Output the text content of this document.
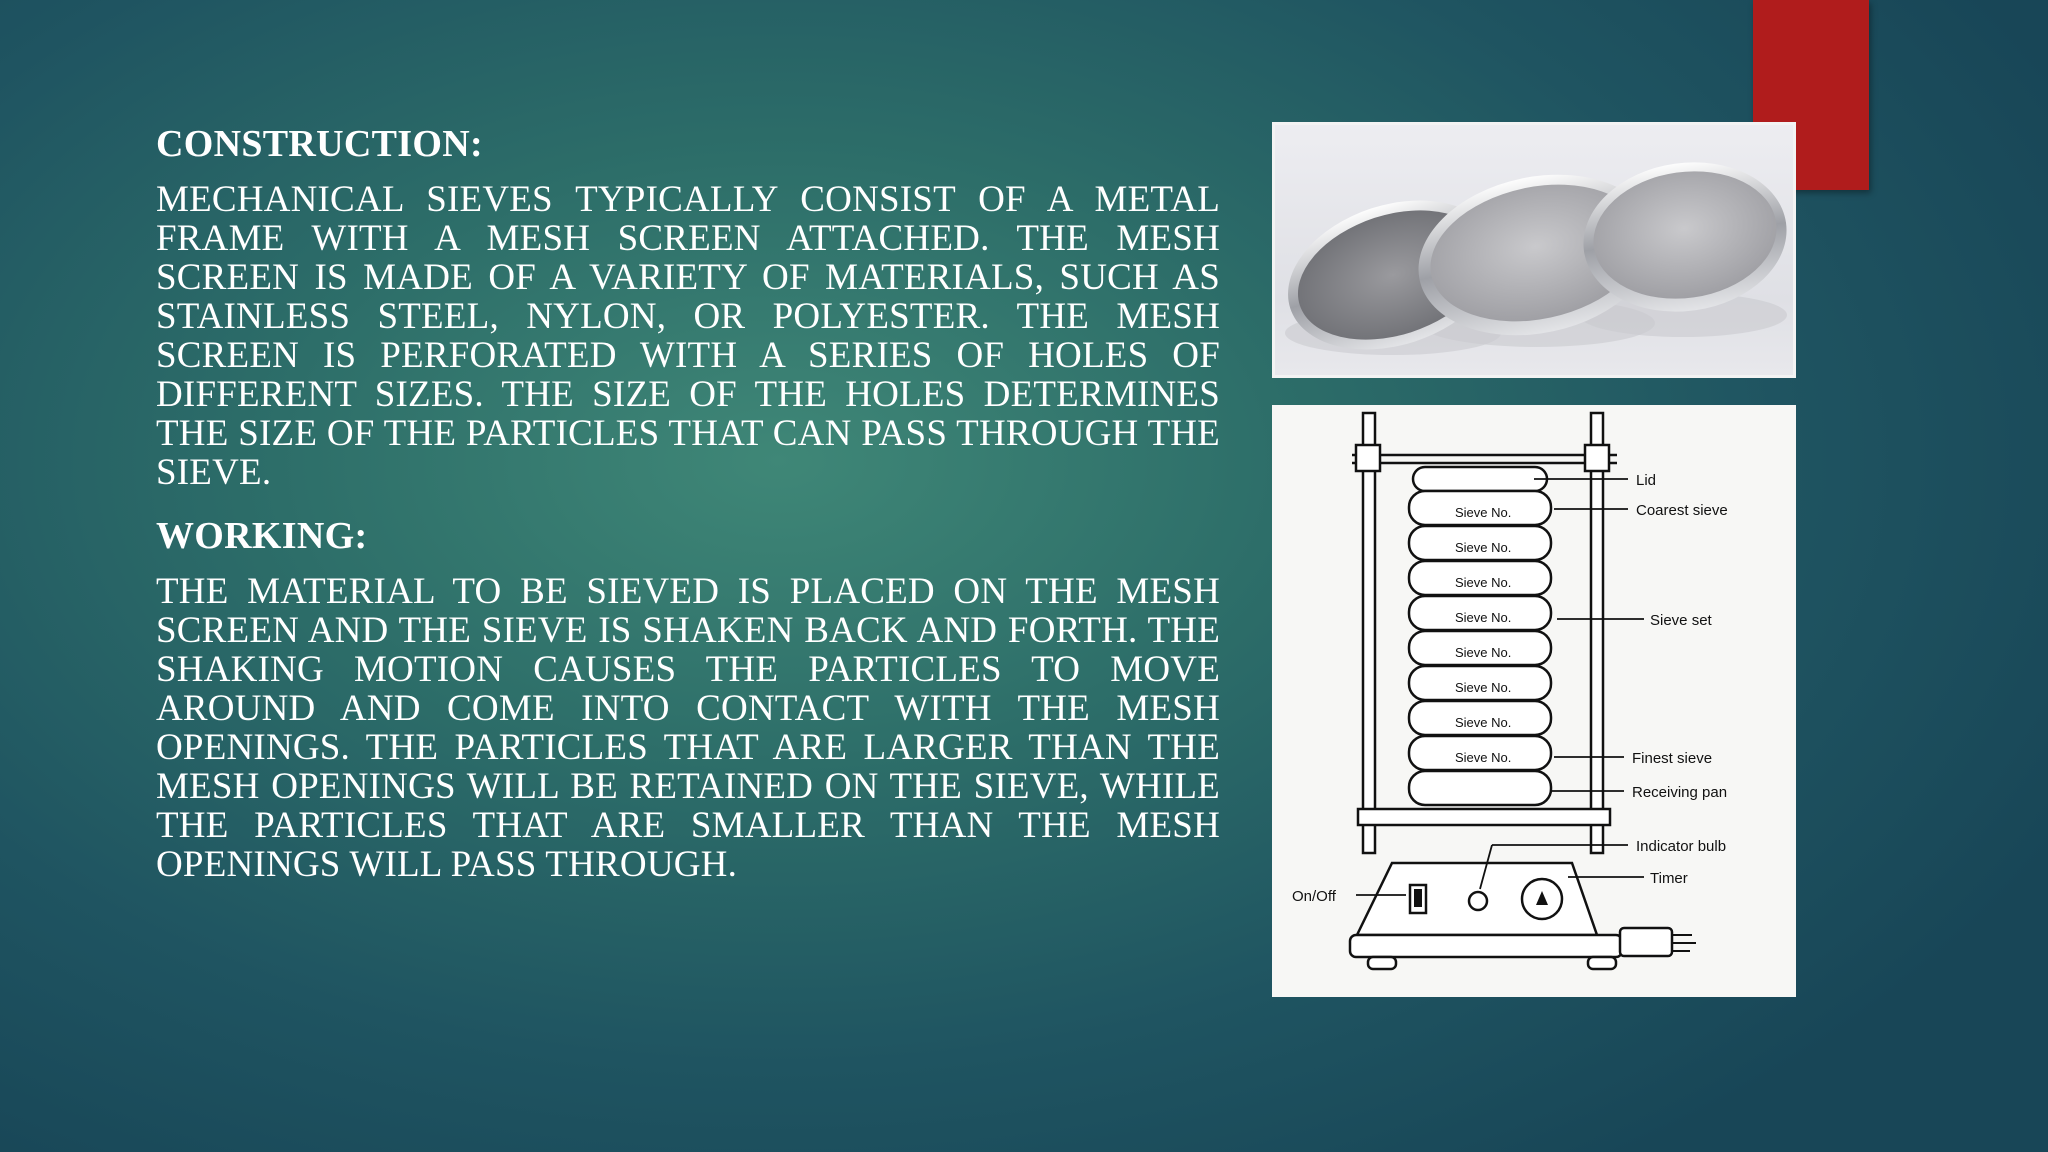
CONSTRUCTION:

MECHANICAL SIEVES TYPICALLY CONSIST OF A METAL FRAME WITH A MESH SCREEN ATTACHED. THE MESH SCREEN IS MADE OF A VARIETY OF MATERIALS, SUCH AS STAINLESS STEEL, NYLON, OR POLYESTER. THE MESH SCREEN IS PERFORATED WITH A SERIES OF HOLES OF DIFFERENT SIZES. THE SIZE OF THE HOLES DETERMINES THE SIZE OF THE PARTICLES THAT CAN PASS THROUGH THE SIEVE.

WORKING:

THE MATERIAL TO BE SIEVED IS PLACED ON THE MESH SCREEN AND THE SIEVE IS SHAKEN BACK AND FORTH. THE SHAKING MOTION CAUSES THE PARTICLES TO MOVE AROUND AND COME INTO CONTACT WITH THE MESH OPENINGS. THE PARTICLES THAT ARE LARGER THAN THE MESH OPENINGS WILL BE RETAINED ON THE SIEVE, WHILE THE PARTICLES THAT ARE SMALLER THAN THE MESH OPENINGS WILL PASS THROUGH.

Sieve No.
Sieve No.
Sieve No.
Sieve No.
Sieve No.
Sieve No.
Sieve No.
Sieve No.
Lid
Coarest sieve
Sieve set
Finest sieve
Receiving pan
Indicator bulb
Timer
On/Off
